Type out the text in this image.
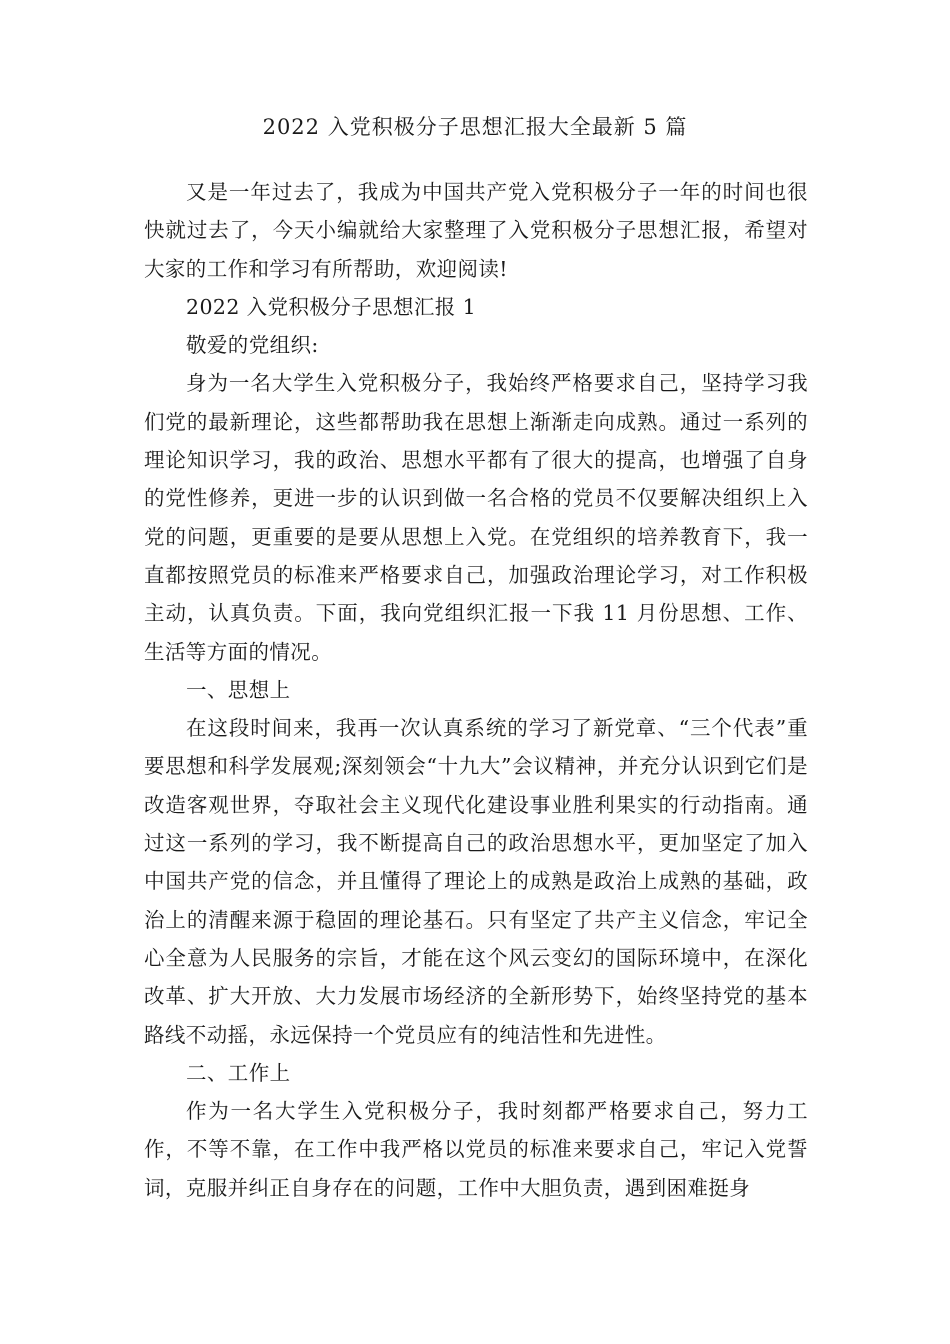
2022 入党积极分子思想汇报大全最新 5 篇

又是一年过去了，我成为中国共产党入党积极分子一年的时间也很快就过去了，今天小编就给大家整理了入党积极分子思想汇报，希望对大家的工作和学习有所帮助，欢迎阅读!

2022 入党积极分子思想汇报 1

敬爱的党组织:

身为一名大学生入党积极分子，我始终严格要求自己，坚持学习我们党的最新理论，这些都帮助我在思想上渐渐走向成熟。通过一系列的理论知识学习，我的政治、思想水平都有了很大的提高，也增强了自身的党性修养，更进一步的认识到做一名合格的党员不仅要解决组织上入党的问题，更重要的是要从思想上入党。在党组织的培养教育下，我一直都按照党员的标准来严格要求自己，加强政治理论学习，对工作积极主动，认真负责。下面，我向党组织汇报一下我 11 月份思想、工作、生活等方面的情况。

一、思想上

在这段时间来，我再一次认真系统的学习了新党章、“三个代表”重要思想和科学发展观;深刻领会“十九大”会议精神，并充分认识到它们是改造客观世界，夺取社会主义现代化建设事业胜利果实的行动指南。通过这一系列的学习，我不断提高自己的政治思想水平，更加坚定了加入中国共产党的信念，并且懂得了理论上的成熟是政治上成熟的基础，政治上的清醒来源于稳固的理论基石。只有坚定了共产主义信念，牢记全心全意为人民服务的宗旨，才能在这个风云变幻的国际环境中，在深化改革、扩大开放、大力发展市场经济的全新形势下，始终坚持党的基本路线不动摇，永远保持一个党员应有的纯洁性和先进性。

二、工作上

作为一名大学生入党积极分子，我时刻都严格要求自己，努力工作，不等不靠，在工作中我严格以党员的标准来要求自己，牢记入党誓词，克服并纠正自身存在的问题，工作中大胆负责，遇到困难挺身
